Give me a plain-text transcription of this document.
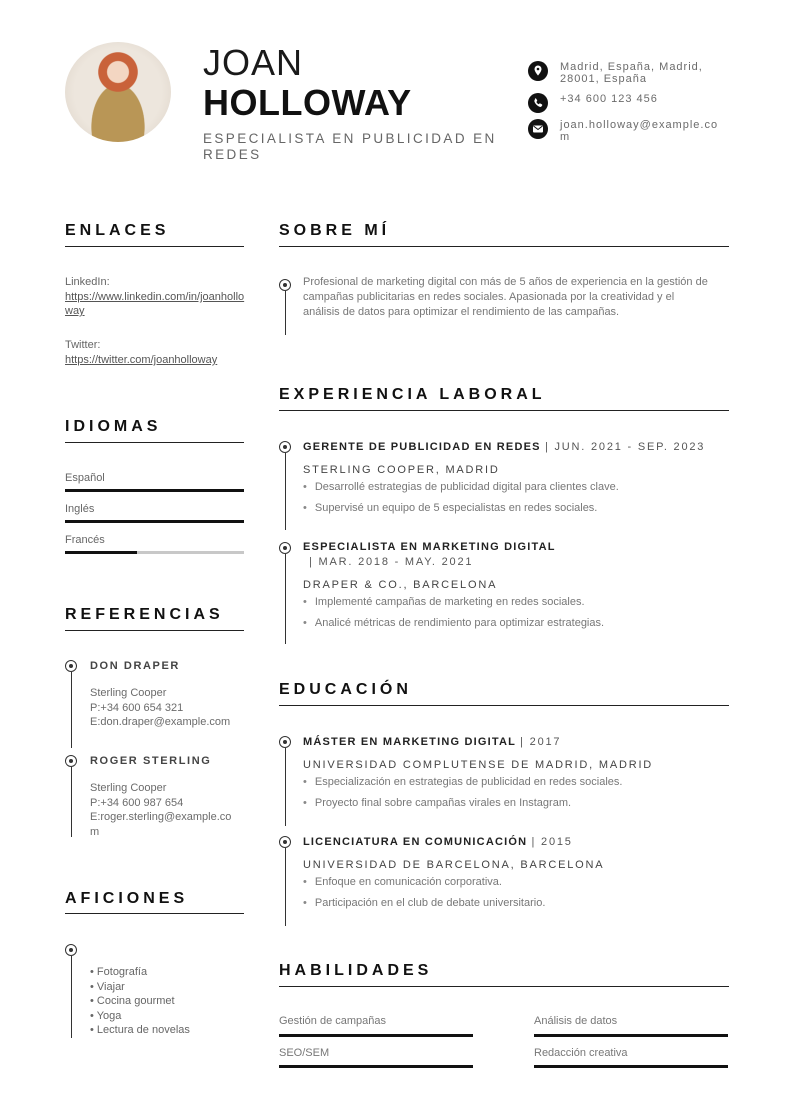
JOAN
HOLLOWAY
ESPECIALISTA EN PUBLICIDAD EN REDES
Madrid, España, Madrid, 28001, España
+34 600 123 456
joan.holloway@example.com
ENLACES
LinkedIn:
https://www.linkedin.com/in/joanholloway
Twitter:
https://twitter.com/joanholloway
IDIOMAS
Español
Inglés
Francés
REFERENCIAS
DON DRAPER
Sterling Cooper
P:+34 600 654 321
E:don.draper@example.com
ROGER STERLING
Sterling Cooper
P:+34 600 987 654
E:roger.sterling@example.com
AFICIONES
• Fotografía
• Viajar
• Cocina gourmet
• Yoga
• Lectura de novelas
SOBRE MÍ
Profesional de marketing digital con más de 5 años de experiencia en la gestión de campañas publicitarias en redes sociales. Apasionada por la creatividad y el análisis de datos para optimizar el rendimiento de las campañas.
EXPERIENCIA LABORAL
GERENTE DE PUBLICIDAD EN REDES | JUN. 2021 - SEP. 2023
STERLING COOPER, MADRID
• Desarrollé estrategias de publicidad digital para clientes clave.
• Supervisé un equipo de 5 especialistas en redes sociales.
ESPECIALISTA EN MARKETING DIGITAL
| MAR. 2018 - MAY. 2021
DRAPER & CO., BARCELONA
• Implementé campañas de marketing en redes sociales.
• Analicé métricas de rendimiento para optimizar estrategias.
EDUCACIÓN
MÁSTER EN MARKETING DIGITAL | 2017
UNIVERSIDAD COMPLUTENSE DE MADRID, MADRID
• Especialización en estrategias de publicidad en redes sociales.
• Proyecto final sobre campañas virales en Instagram.
LICENCIATURA EN COMUNICACIÓN | 2015
UNIVERSIDAD DE BARCELONA, BARCELONA
• Enfoque en comunicación corporativa.
• Participación en el club de debate universitario.
HABILIDADES
Gestión de campañas	Análisis de datos
SEO/SEM	Redacción creativa
